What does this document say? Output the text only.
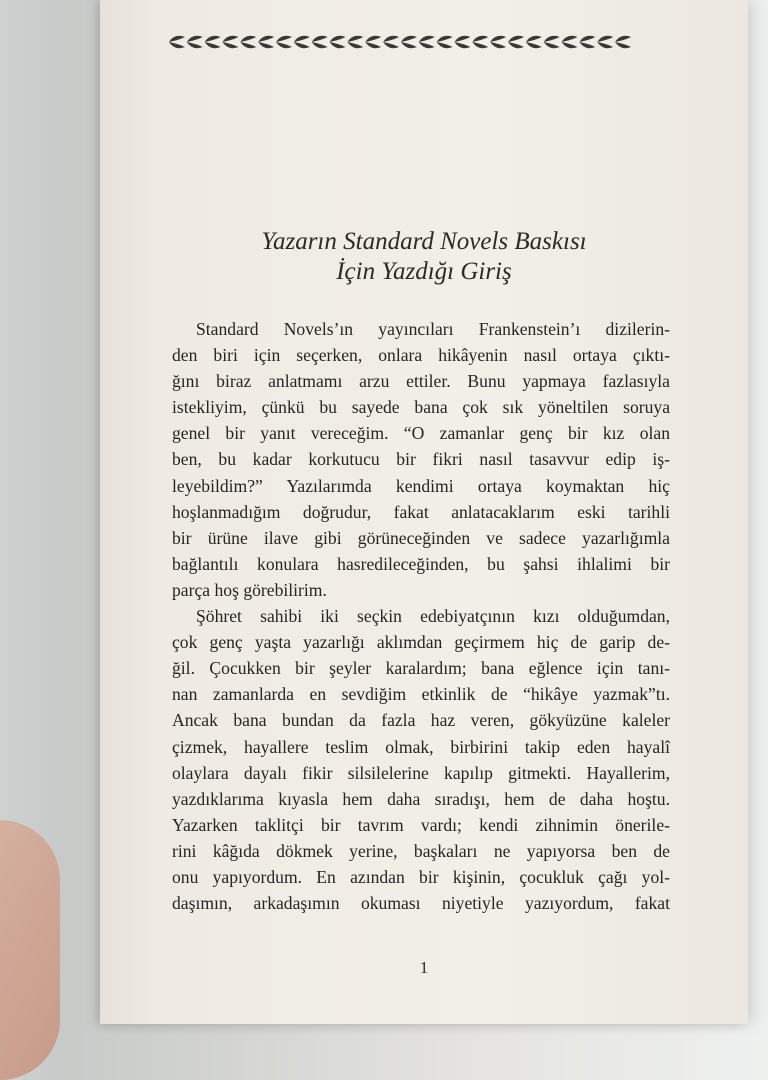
Yazarın Standard Novels Baskısı
İçin Yazdığı Giriş
Standard Novels’ın yayıncıları Frankenstein’ı dizilerin-
den biri için seçerken, onlara hikâyenin nasıl ortaya çıktı-
ğını biraz anlatmamı arzu ettiler. Bunu yapmaya fazlasıyla
istekliyim, çünkü bu sayede bana çok sık yöneltilen soruya
genel bir yanıt vereceğim. “O zamanlar genç bir kız olan
ben, bu kadar korkutucu bir fikri nasıl tasavvur edip iş-
leyebildim?” Yazılarımda kendimi ortaya koymaktan hiç
hoşlanmadığım doğrudur, fakat anlatacaklarım eski tarihli
bir ürüne ilave gibi görüneceğinden ve sadece yazarlığımla
bağlantılı konulara hasredileceğinden, bu şahsi ihlalimi bir
parça hoş görebilirim.
Şöhret sahibi iki seçkin edebiyatçının kızı olduğumdan,
çok genç yaşta yazarlığı aklımdan geçirmem hiç de garip de-
ğil. Çocukken bir şeyler karalardım; bana eğlence için tanı-
nan zamanlarda en sevdiğim etkinlik de “hikâye yazmak”tı.
Ancak bana bundan da fazla haz veren, gökyüzüne kaleler
çizmek, hayallere teslim olmak, birbirini takip eden hayalî
olaylara dayalı fikir silsilelerine kapılıp gitmekti. Hayallerim,
yazdıklarıma kıyasla hem daha sıradışı, hem de daha hoştu.
Yazarken taklitçi bir tavrım vardı; kendi zihnimin önerile-
rini kâğıda dökmek yerine, başkaları ne yapıyorsa ben de
onu yapıyordum. En azından bir kişinin, çocukluk çağı yol-
daşımın, arkadaşımın okuması niyetiyle yazıyordum, fakat
1
